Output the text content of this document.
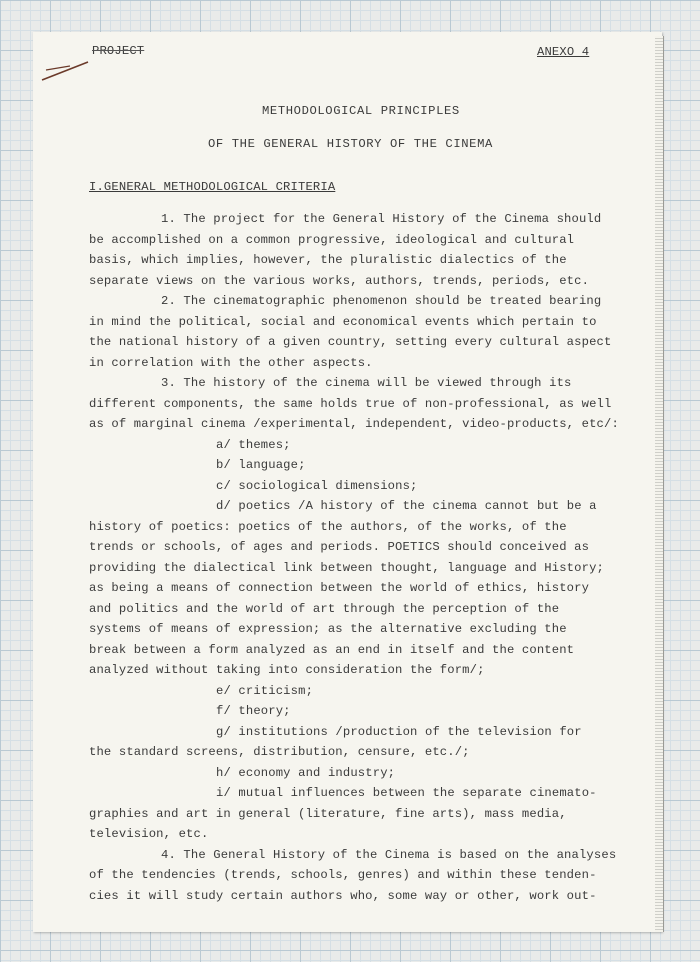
PROJECT	ANEXO 4

METHODOLOGICAL PRINCIPLES

OF THE GENERAL HISTORY OF THE CINEMA

I.GENERAL METHODOLOGICAL CRITERIA

1. The project for the General History of the Cinema should

be accomplished on a common progressive, ideological and cultural

basis, which implies, however, the pluralistic dialectics of the

separate views on the various works, authors, trends, periods, etc.

2. The cinematographic phenomenon should be treated bearing

in mind the political, social and economical events which pertain to

the national history of a given country, setting every cultural aspect

in correlation with the other aspects.

3. The history of the cinema will be viewed through its

different components, the same holds true of non-professional, as well

as of marginal cinema /experimental, independent, video-products, etc/:

a/ themes;

b/ language;

c/ sociological dimensions;

d/ poetics /A history of the cinema cannot but be a

history of poetics: poetics of the authors, of the works, of the

trends or schools, of ages and periods. POETICS should conceived as

providing the dialectical link between thought, language and History;

as being a means of connection between the world of ethics, history

and politics and the world of art through the perception of the

systems of means of expression; as the alternative excluding the

break between a form analyzed as an end in itself and the content

analyzed without taking into consideration the form/;

e/ criticism;

f/ theory;

g/ institutions /production of the television for

the standard screens, distribution, censure, etc./;

h/ economy and industry;

i/ mutual influences between the separate cinemato-

graphies and art in general (literature, fine arts), mass media,

television, etc.

4. The General History of the Cinema is based on the analyses

of the tendencies (trends, schools, genres) and within these tenden-

cies it will study certain authors who, some way or other, work out-
